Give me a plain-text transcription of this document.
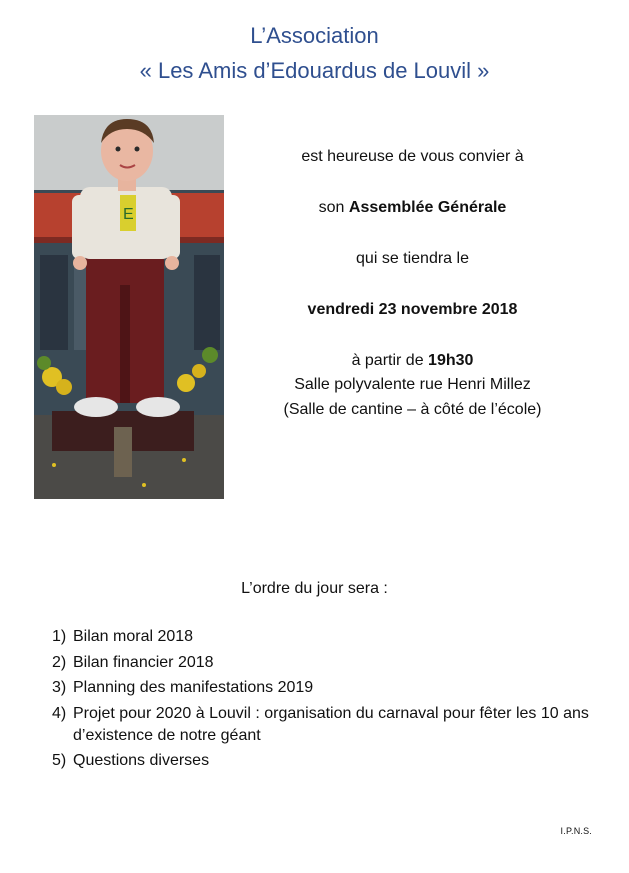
L’Association
« Les Amis d’Edouardus de Louvil »
E
est heureuse de vous convier à
son Assemblée Générale
qui se tiendra le
vendredi 23 novembre 2018
à partir de 19h30
Salle polyvalente rue Henri Millez
(Salle de cantine – à côté de l’école)
L’ordre du jour sera :
1) Bilan moral 2018
2) Bilan financier 2018
3) Planning des manifestations 2019
4) Projet pour 2020 à Louvil : organisation du carnaval pour fêter les 10 ans d’existence de notre géant
5) Questions diverses
I.P.N.S.
